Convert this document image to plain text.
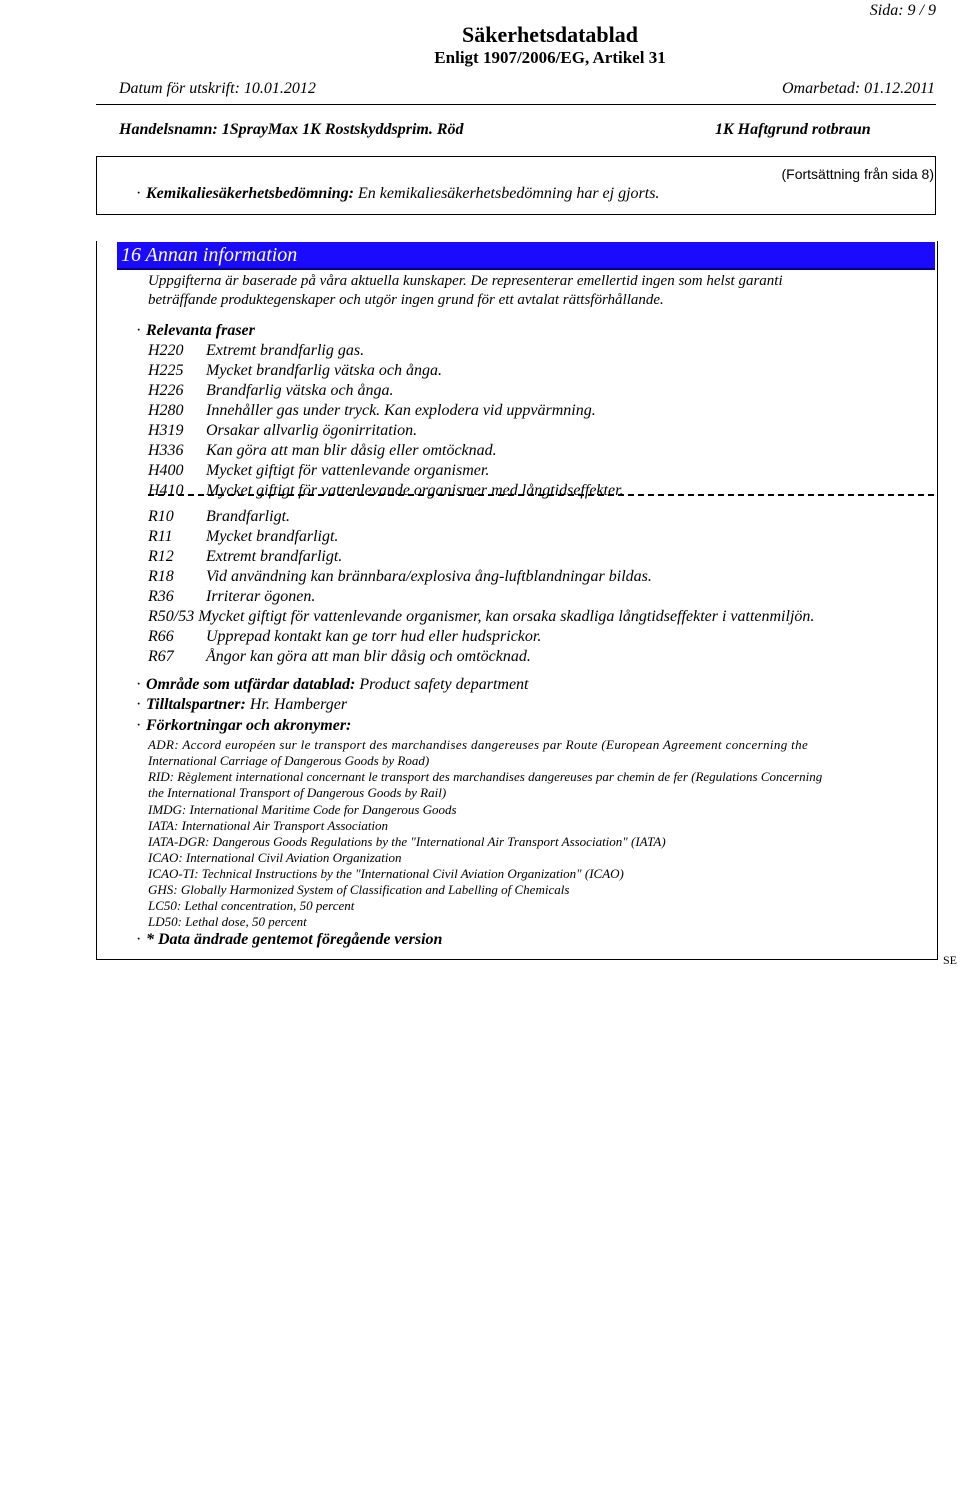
Sida: 9 / 9
Säkerhetsdatablad
Enligt 1907/2006/EG, Artikel 31
Datum för utskrift: 10.01.2012	Omarbetad: 01.12.2011
Handelsnamn: 1SprayMax 1K Rostskyddsprim. Röd	1K Haftgrund rotbraun
(Fortsättning från sida 8)
· Kemikaliesäkerhetsbedömning: En kemikaliesäkerhetsbedömning har ej gjorts.
16 Annan information
Uppgifterna är baserade på våra aktuella kunskaper. De representerar emellertid ingen som helst garanti
beträffande produktegenskaper och utgör ingen grund för ett avtalat rättsförhållande.
· Relevanta fraser
H220 Extremt brandfarlig gas.
H225 Mycket brandfarlig vätska och ånga.
H226 Brandfarlig vätska och ånga.
H280 Innehåller gas under tryck. Kan explodera vid uppvärmning.
H319 Orsakar allvarlig ögonirritation.
H336 Kan göra att man blir dåsig eller omtöcknad.
H400 Mycket giftigt för vattenlevande organismer.
H410 Mycket giftigt för vattenlevande organismer med långtidseffekter.
R10 Brandfarligt.
R11 Mycket brandfarligt.
R12 Extremt brandfarligt.
R18 Vid användning kan brännbara/explosiva ång-luftblandningar bildas.
R36 Irriterar ögonen.
R50/53 Mycket giftigt för vattenlevande organismer, kan orsaka skadliga långtidseffekter i vattenmiljön.
R66 Upprepad kontakt kan ge torr hud eller hudsprickor.
R67 Ångor kan göra att man blir dåsig och omtöcknad.
· Område som utfärdar datablad: Product safety department
· Tilltalspartner: Hr. Hamberger
· Förkortningar och akronymer:
ADR: Accord européen sur le transport des marchandises dangereuses par Route (European Agreement concerning the
International Carriage of Dangerous Goods by Road)
RID: Règlement international concernant le transport des marchandises dangereuses par chemin de fer (Regulations Concerning
the International Transport of Dangerous Goods by Rail)
IMDG: International Maritime Code for Dangerous Goods
IATA: International Air Transport Association
IATA-DGR: Dangerous Goods Regulations by the "International Air Transport Association" (IATA)
ICAO: International Civil Aviation Organization
ICAO-TI: Technical Instructions by the "International Civil Aviation Organization" (ICAO)
GHS: Globally Harmonized System of Classification and Labelling of Chemicals
LC50: Lethal concentration, 50 percent
LD50: Lethal dose, 50 percent
· * Data ändrade gentemot föregående version
SE
